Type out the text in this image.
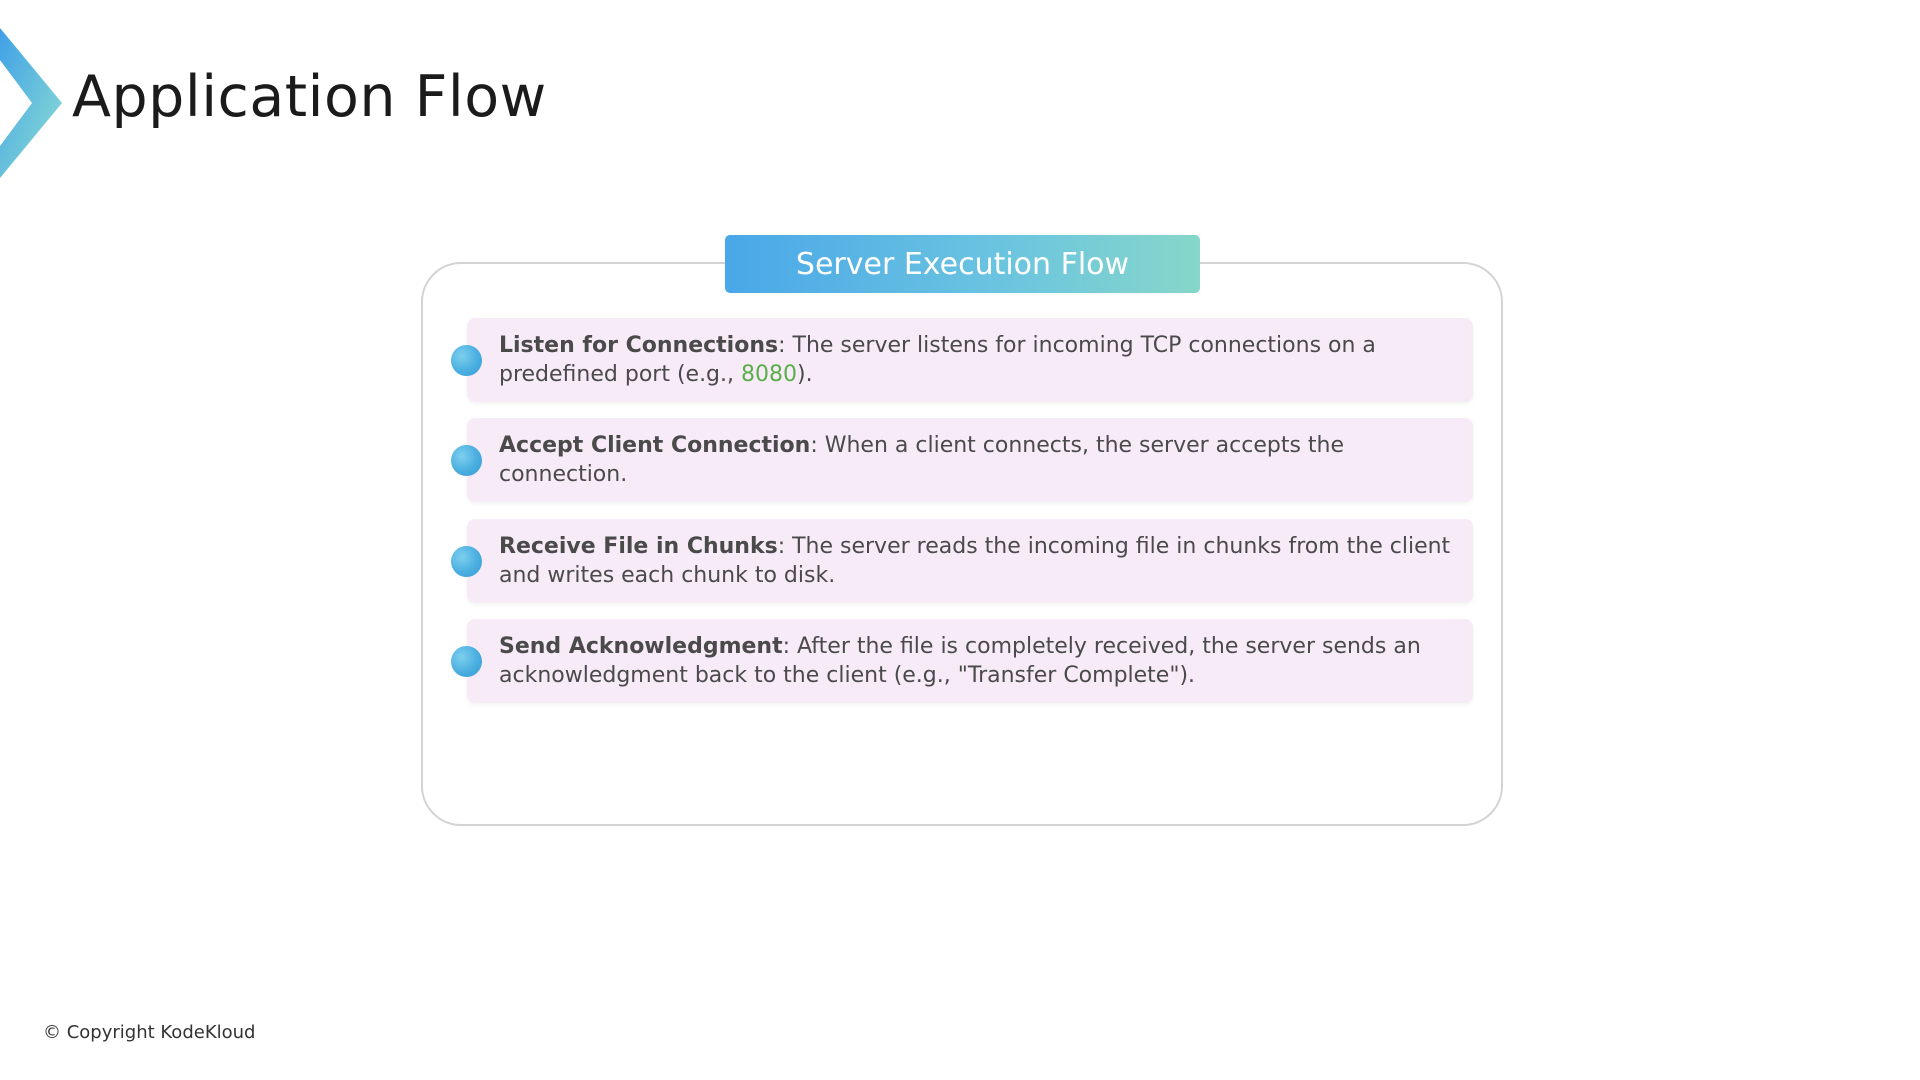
Application Flow
Server Execution Flow

Listen for Connections: The server listens for incoming TCP connections on a predefined port (e.g., 8080).

Accept Client Connection: When a client connects, the server accepts the connection.

Receive File in Chunks: The server reads the incoming file in chunks from the client and writes each chunk to disk.

Send Acknowledgment: After the file is completely received, the server sends an acknowledgment back to the client (e.g., "Transfer Complete").

© Copyright KodeKloud
